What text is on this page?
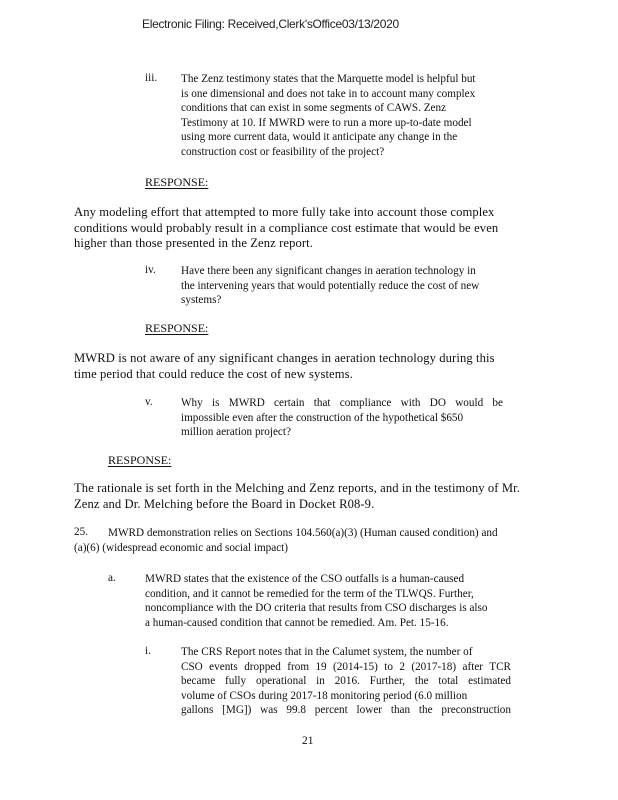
Electronic Filing: Received,Clerk'sOffice03/13/2020
iii. The Zenz testimony states that the Marquette model is helpful but
is one dimensional and does not take in to account many complex
conditions that can exist in some segments of CAWS. Zenz
Testimony at 10. If MWRD were to run a more up-to-date model
using more current data, would it anticipate any change in the
construction cost or feasibility of the project?
RESPONSE:
Any modeling effort that attempted to more fully take into account those complex
conditions would probably result in a compliance cost estimate that would be even
higher than those presented in the Zenz report.
iv. Have there been any significant changes in aeration technology in
the intervening years that would potentially reduce the cost of new
systems?
RESPONSE:
MWRD is not aware of any significant changes in aeration technology during this
time period that could reduce the cost of new systems.
v.	Why is MWRD certain that compliance with DO would be
impossible even after the construction of the hypothetical $650
million aeration project?
RESPONSE:
The rationale is set forth in the Melching and Zenz reports, and in the testimony of Mr.
Zenz and Dr. Melching before the Board in Docket R08-9.
25. MWRD demonstration relies on Sections 104.560(a)(3) (Human caused condition) and
(a)(6) (widespread economic and social impact)
a.	MWRD states that the existence of the CSO outfalls is a human-caused
condition, and it cannot be remedied for the term of the TLWQS. Further,
noncompliance with the DO criteria that results from CSO discharges is also
a human-caused condition that cannot be remedied. Am. Pet. 15-16.
i.	The CRS Report notes that in the Calumet system, the number of
CSO events dropped from 19 (2014-15) to 2 (2017-18) after TCR
became fully operational in 2016. Further, the total estimated
volume of CSOs during 2017-18 monitoring period (6.0 million
gallons [MG]) was 99.8 percent lower than the preconstruction
21
